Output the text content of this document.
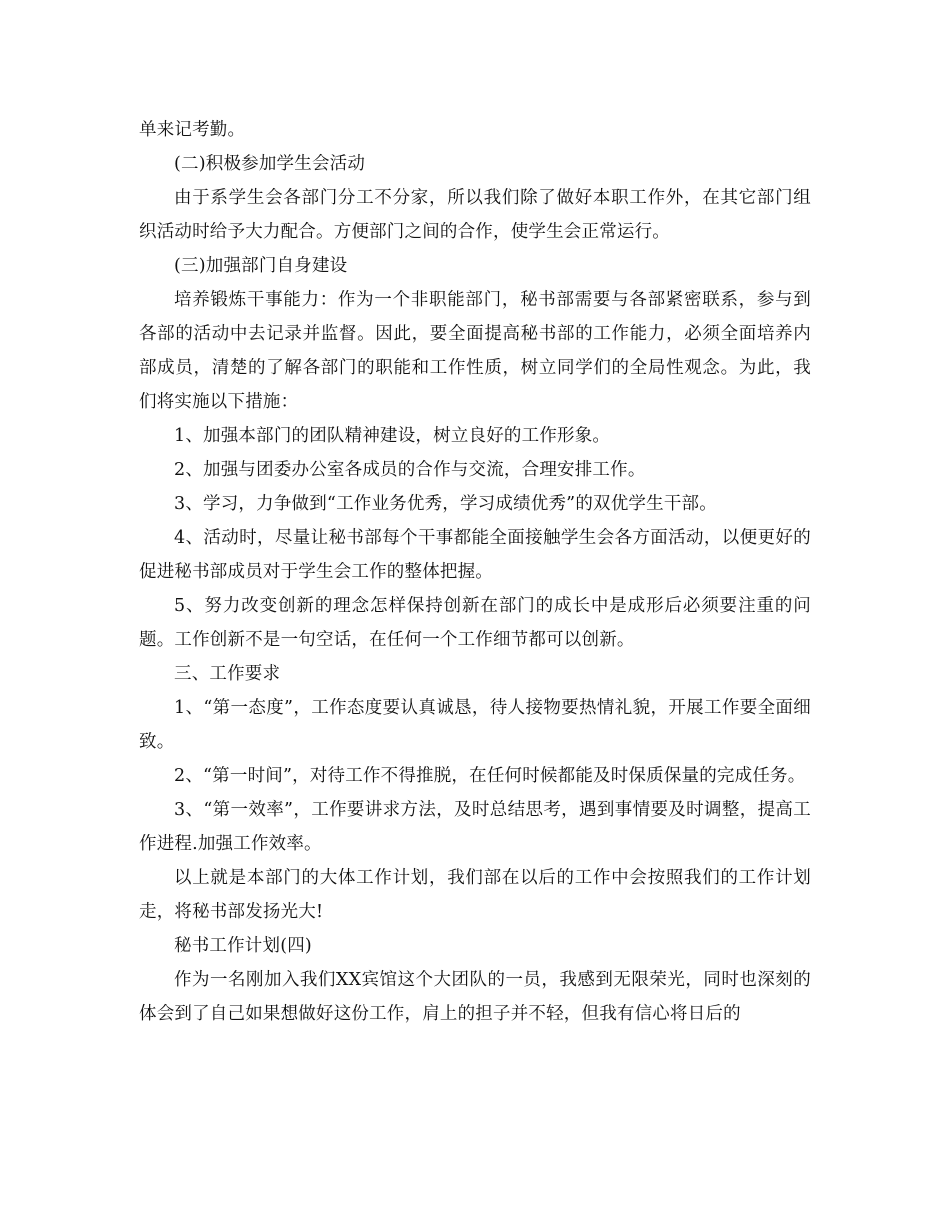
单来记考勤。

(二)积极参加学生会活动

由于系学生会各部门分工不分家，所以我们除了做好本职工作外，在其它部门组织活动时给予大力配合。方便部门之间的合作，使学生会正常运行。

(三)加强部门自身建设

培养锻炼干事能力：作为一个非职能部门，秘书部需要与各部紧密联系，参与到各部的活动中去记录并监督。因此，要全面提高秘书部的工作能力，必须全面培养内部成员，清楚的了解各部门的职能和工作性质，树立同学们的全局性观念。为此，我们将实施以下措施：

1、加强本部门的团队精神建设，树立良好的工作形象。

2、加强与团委办公室各成员的合作与交流，合理安排工作。

3、学习，力争做到“工作业务优秀，学习成绩优秀”的双优学生干部。

4、活动时，尽量让秘书部每个干事都能全面接触学生会各方面活动，以便更好的促进秘书部成员对于学生会工作的整体把握。

5、努力改变创新的理念怎样保持创新在部门的成长中是成形后必须要注重的问题。工作创新不是一句空话，在任何一个工作细节都可以创新。

三、工作要求

1、“第一态度”，工作态度要认真诚恳，待人接物要热情礼貌，开展工作要全面细致。

2、“第一时间”，对待工作不得推脱，在任何时候都能及时保质保量的完成任务。

3、“第一效率”，工作要讲求方法，及时总结思考，遇到事情要及时调整，提高工作进程.加强工作效率。

以上就是本部门的大体工作计划，我们部在以后的工作中会按照我们的工作计划走，将秘书部发扬光大!

秘书工作计划(四)

作为一名刚加入我们XX宾馆这个大团队的一员，我感到无限荣光，同时也深刻的体会到了自己如果想做好这份工作，肩上的担子并不轻，但我有信心将日后的
